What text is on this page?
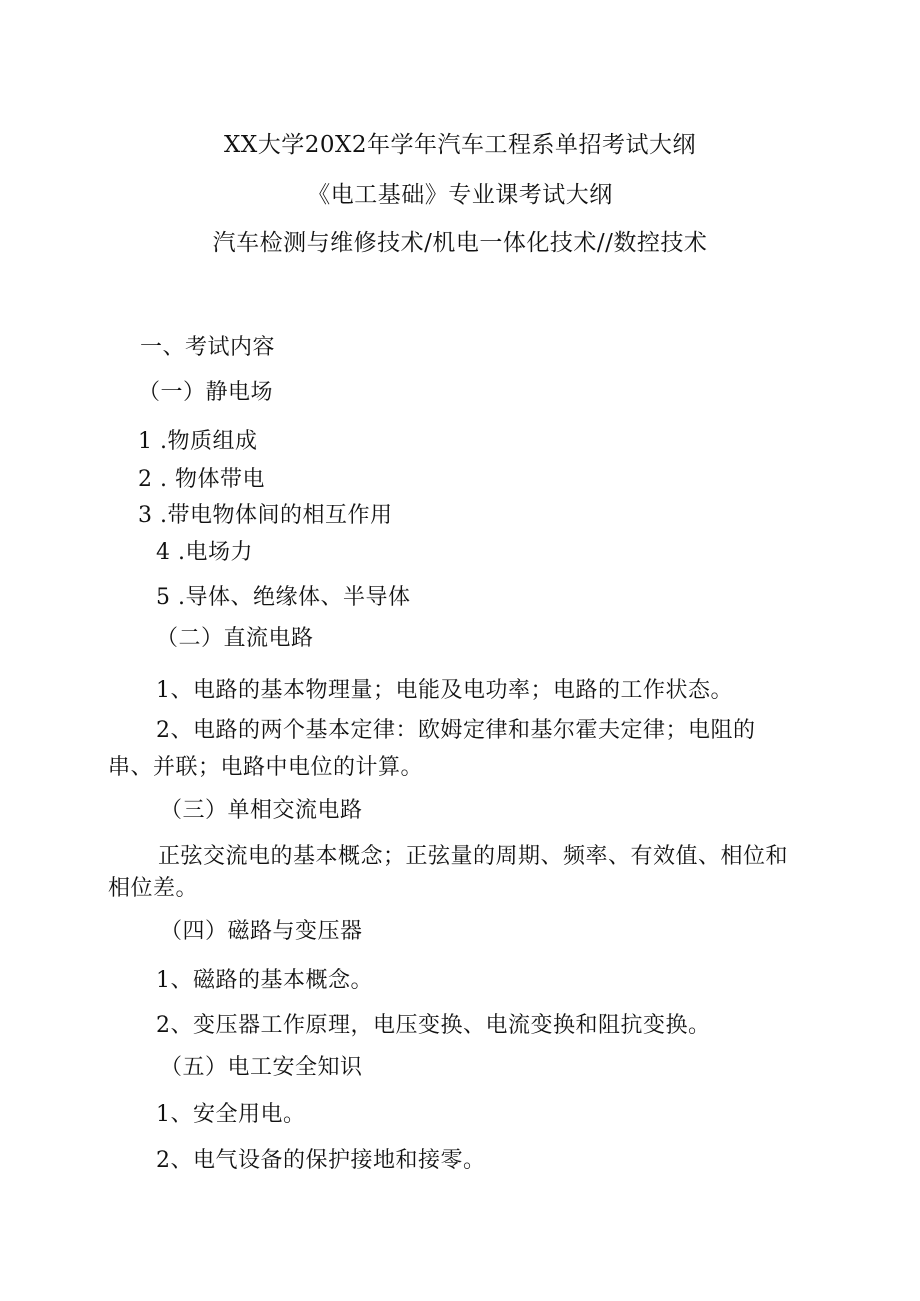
XX大学20X2年学年汽车工程系单招考试大纲
《电工基础》专业课考试大纲
汽车检测与维修技术/机电一体化技术//数控技术
一、考试内容
（一）静电场
1 .物质组成
2 . 物体带电
3 .带电物体间的相互作用
4 .电场力
5 .导体、绝缘体、半导体
（二）直流电路
1、电路的基本物理量；电能及电功率；电路的工作状态。
2、电路的两个基本定律：欧姆定律和基尔霍夫定律；电阻的
串、并联；电路中电位的计算。
（三）单相交流电路
正弦交流电的基本概念；正弦量的周期、频率、有效值、相位和
相位差。
（四）磁路与变压器
1、磁路的基本概念。
2、变压器工作原理，电压变换、电流变换和阻抗变换。
（五）电工安全知识
1、安全用电。
2、电气设备的保护接地和接零。
